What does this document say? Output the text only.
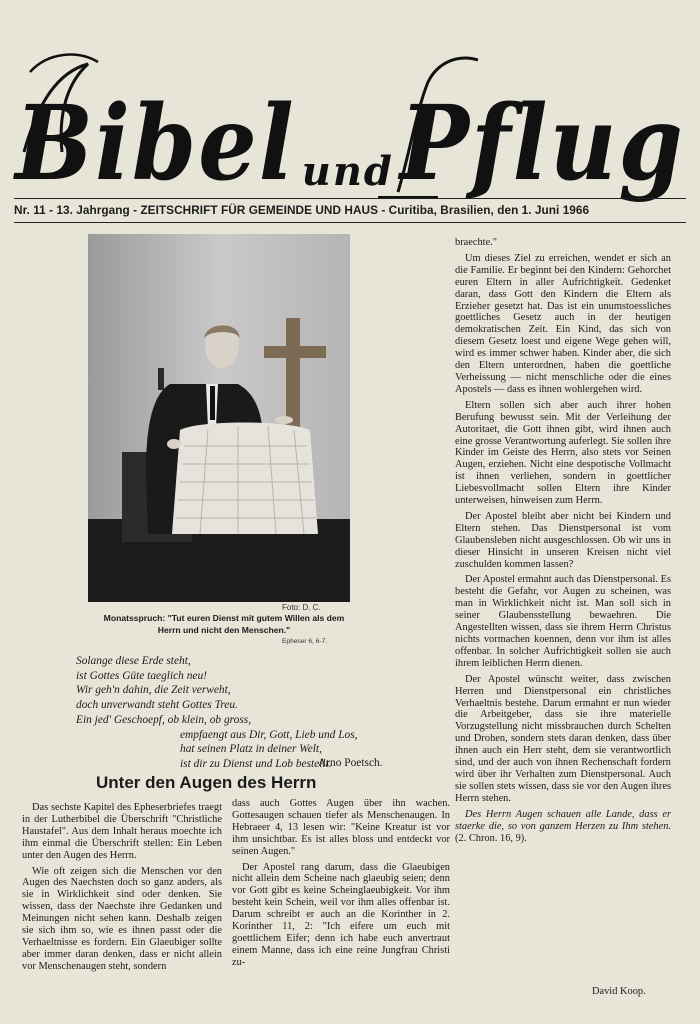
Bibel und Pflug
Nr. 11 - 13. Jahrgang - ZEITSCHRIFT FÜR GEMEINDE UND HAUS - Curitiba, Brasilien, den 1. Juni 1966
Foto: D. C.
Monatsspruch: "Tut euren Dienst mit gutem Willen als dem Herrn und nicht den Menschen."
Epheser 6, 6-7.
Solange diese Erde steht,
ist Gottes Güte taeglich neu!
Wir geh'n dahin, die Zeit verweht,
doch unverwandt steht Gottes Treu.
Ein jed' Geschoepf, ob klein, ob gross,
empfaengt aus Dir, Gott, Lieb und Los,
hat seinen Platz in deiner Welt,
ist dir zu Dienst und Lob bestellt.
Arno Poetsch.
Unter den Augen des Herrn

Das sechste Kapitel des Epheserbriefes traegt in der Lutherbibel die Überschrift "Christliche Haustafel". Aus dem Inhalt heraus moechte ich ihm einmal die Überschrift stellen: Ein Leben unter den Augen des Herrn.

Wie oft zeigen sich die Menschen vor den Augen des Naechsten doch so ganz anders, als sie in Wirklichkeit sind oder denken. Sie wissen, dass der Naechste ihre Gedanken und Meinungen nicht sehen kann. Deshalb zeigen sie sich ihm so, wie es ihnen passt oder die Verhaeltnisse es fordern. Ein Glaeubiger sollte aber immer daran denken, dass er nicht allein vor Menschenaugen steht, sondern

dass auch Gottes Augen über ihn wachen. Gottesaugen schauen tiefer als Menschenaugen. In Hebraeer 4, 13 lesen wir: "Keine Kreatur ist vor ihm unsichtbar. Es ist alles bloss und entdeckt vor seinen Augen."

Der Apostel rang darum, dass die Glaeubigen nicht allein dem Scheine nach glaeubig seien; denn vor Gott gibt es keine Scheinglaeubigkeit. Vor ihm besteht kein Schein, weil vor ihm alles offenbar ist. Darum schreibt er auch an die Korinther in 2. Korinther 11, 2: "Ich eifere um euch mit goettlichem Eifer; denn ich habe euch anvertraut einem Manne, dass ich eine reine Jungfrau Christi zu-

braechte."

Um dieses Ziel zu erreichen, wendet er sich an die Familie. Er beginnt bei den Kindern: Gehorchet euren Eltern in aller Aufrichtigkeit. Gedenket daran, dass Gott den Kindern die Eltern als Erzieher gesetzt hat. Das ist ein unumstoessliches goettliches Gesetz auch in der heutigen demokratischen Zeit. Ein Kind, das sich von diesem Gesetz loest und eigene Wege gehen will, wird es immer schwer haben. Kinder aber, die sich den Eltern unterordnen, haben die goettliche Verheissung — nicht menschliche oder die eines Apostels — dass es ihnen wohlergehen wird.

Eltern sollen sich aber auch ihrer hohen Berufung bewusst sein. Mit der Verleihung der Autoritaet, die Gott ihnen gibt, wird ihnen auch eine grosse Verantwortung auferlegt. Sie sollen ihre Kinder im Geiste des Herrn, also stets vor Seinen Augen, erziehen. Nicht eine despotische Vollmacht ist ihnen verliehen, sondern in goettlicher Liebesvollmacht sollen Eltern ihre Kinder unterweisen, hinweisen zum Herrn.

Der Apostel bleibt aber nicht bei Kindern und Eltern stehen. Das Dienstpersonal ist vom Glaubensleben nicht ausgeschlossen. Ob wir uns in dieser Hinsicht in unseren Kreisen nicht viel zuschulden kommen lassen?

Der Apostel ermahnt auch das Dienstpersonal. Es besteht die Gefahr, vor Augen zu scheinen, was man in Wirklichkeit nicht ist. Man soll sich in seiner Glaubensstellung bewaehren. Die Angestellten wissen, dass sie ihrem Herrn Christus nichts vormachen koennen, denn vor ihm ist alles offenbar. In solcher Aufrichtigkeit sollen sie auch ihrem leiblichen Herrn dienen.

Der Apostel wünscht weiter, dass zwischen Herren und Dienstpersonal ein christliches Verhaeltnis bestehe. Darum ermahnt er nun wieder die Arbeitgeber, dass sie ihre materielle Vorzugstellung nicht missbrauchen durch Schelten und Drohen, sondern stets daran denken, dass über ihnen auch ein Herr steht, dem sie verantwortlich sind, und der auch von ihnen Rechenschaft fordern wird über ihr Verhalten zum Dienstpersonal. Auch sie sollen stets wissen, dass sie vor den Augen ihres Herrn stehen.

Des Herrn Augen schauen alle Lande, dass er staerke die, so von ganzem Herzen zu Ihm stehen. (2. Chron. 16, 9).

David Koop.
